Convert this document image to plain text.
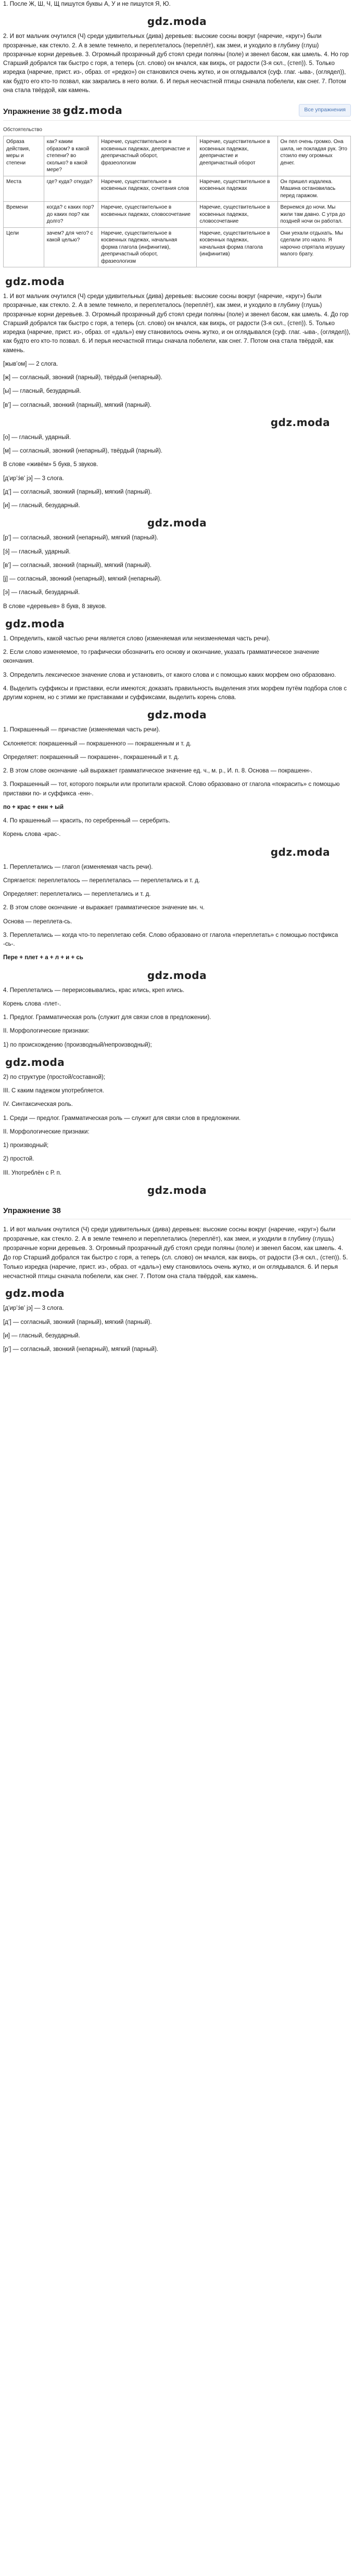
1. После Ж, Ш, Ч, Щ пишутся буквы А, У и не пишутся Я, Ю.

gdz.moda

2. И вот мальчик очутился (Ч) среди удивительных (дива) деревьев: высокие сосны вокруг (наречие, «круг») были прозрачные, как стекло. 2. А в земле темнело, и переплеталось (переплёт), как змеи, и уходило в глубину (глуш) прозрачные корни деревьев. 3. Огромный прозрачный дуб стоял среди поляны (поле) и звенел басом, как шмель. 4. Но гор Старший добрался так быстро с горя, а теперь (сл. слово) он мчался, как вихрь, от радости (3-я скл., (степ)). 5. Только изредка (наречие, прист. из-, образ. от «редко») он становился очень жутко, и он оглядывался (суф. глаг. -ыва-, (оглядел)), как будто его кто-то позвал, как закрались в него волки. 6. И перья несчастной птицы сначала побелели, как снег. 7. Потом она стала твёрдой, как камень.

Упражнение 38 gdz.moda	Все упражнения
Обстоятельство
Образа действия, меры и степени	как? каким образом? в какой степени? во сколько? в какой мере?	Наречие, существительное в косвенных падежах, деепричастие и деепричастный оборот, фразеологизм	Наречие, существительное в косвенных падежах, деепричастие и деепричастный оборот	Он пел очень громко. Она шила, не покладая рук. Это стоило ему огромных денег.
Места	где? куда? откуда?	Наречие, существительное в косвенных падежах, сочетания слов	Наречие, существительное в косвенных падежах	Он пришел издалека. Машина остановилась перед гаражом.
Времени	когда? с каких пор? до каких пор? как долго?	Наречие, существительное в косвенных падежах, словосочетание	Наречие, существительное в косвенных падежах, словосочетание	Вернемся до ночи. Мы жили там давно. С утра до поздней ночи он работал.
Цели	зачем? для чего? с какой целью?	Наречие, существительное в косвенных падежах, начальная форма глагола (инфинитив), деепричастный оборот, фразеологизм	Наречие, существительное в косвенных падежах, начальная форма глагола (инфинитив)	Они уехали отдыхать. Мы сделали это назло. Я нарочно спрятала игрушку малого брату.
gdz.moda

1. И вот мальчик очутился (Ч) среди удивительных (дива) деревьев: высокие сосны вокруг (наречие, «круг») были прозрачные, как стекло. 2. А в земле темнело, и переплеталось (переплёт), как змеи, и уходило в глубину (глушь) прозрачные корни деревьев. 3. Огромный прозрачный дуб стоял среди поляны (поле) и звенел басом, как шмель. 4. До гор Старший добрался так быстро с горя, а теперь (сл. слово) он мчался, как вихрь, от радости (3-я скл., (степ)). 5. Только изредка (наречие, прист. из-, образ. от «даль») ему становилось очень жутко, и он оглядывался (суф. глаг. -ыва-, (оглядел)), как будто его кто-то позвал. 6. И перья несчастной птицы сначала побелели, как снег. 7. Потом она стала твёрдой, как камень.

[жыв’ом] — 2 слога.

[ж] — согласный, звонкий (парный), твёрдый (непарный).

[ы] — гласный, безударный.

[в’] — согласный, звонкий (парный), мягкий (парный).

gdz.moda

[о] — гласный, ударный.

[м] — согласный, звонкий (непарный), твёрдый (парный).

В слове «живём» 5 букв, 5 звуков.

[д’ир’э́в’ jэ] — 3 слога.

[д’] — согласный, звонкий (парный), мягкий (парный).

[и] — гласный, безударный.

gdz.moda

[р’] — согласный, звонкий (непарный), мягкий (парный).

[э́] — гласный, ударный.

[в’] — согласный, звонкий (парный), мягкий (парный).

[j] — согласный, звонкий (непарный), мягкий (непарный).

[э] — гласный, безударный.

В слове «деревьев» 8 букв, 8 звуков.

gdz.moda

1. Определить, какой частью речи является слово (изменяемая или неизменяемая часть речи).

2. Если слово изменяемое, то графически обозначить его основу и окончание, указать грамматическое значение окончания.

3. Определить лексическое значение слова и установить, от какого слова и с помощью каких морфем оно образовано.

4. Выделить суффиксы и приставки, если имеются; доказать правильность выделения этих морфем путём подбора слов с другим корнем, но с этими же приставками и суффиксами, выделить корень слова.

gdz.moda

1. Покрашенный — причастие (изменяемая часть речи).

Склоняется: покрашенный — покрашенного — покрашенным и т. д.

Определяет: покрашенный — покрашенн-, покрашенный и т. д.

2. В этом слове окончание -ый выражает грамматическое значение ед. ч., м. р., И. п. 8. Основа — покрашенн-.

3. Покрашенный — тот, которого покрыли или пропитали краской. Слово образовано от глагола «покрасить» с помощью приставки по- и суффикса -енн-.

по + крас + енн + ый

4. По крашенный — красить, по серебренный — серебрить.

Корень слова -крас-.

gdz.moda

1. Переплетались — глагол (изменяемая часть речи).

Спрягается: переплеталось — переплеталась — переплетались и т. д.

Определяет: переплетались — переплетались и т. д.

2. В этом слове окончание -и выражает грамматическое значение мн. ч.

Основа — переплета-сь.

3. Переплетались — когда что-то переплетаю себя. Слово образовано от глагола «переплетать» с помощью постфикса -сь-.

Перe + плет + а + л + и + сь

gdz.moda

4. Перeплетались — перерисовывались, крас ились, креп ились.

Корень слова -плет-.

1. Предлог. Грамматическая роль (служит для связи слов в предложении).

II. Морфологические признаки:

1) по происхождению (производный/непроизводный);

gdz.moda

2) по структуре (простой/составной);

III. С каким падежом употребляется.

IV. Синтаксическая роль.

1. Среди — предлог. Грамматическая роль — служит для связи слов в предложении.

II. Морфологические признаки:

1) производный;

2) простой.

III. Употреблён с Р. п.

gdz.moda
Упражнение 38

1. И вот мальчик очутился (Ч) среди удивительных (дива) деревьев: высокие сосны вокруг (наречие, «круг») были прозрачные, как стекло. 2. А в земле темнело и переплетались (переплёт), как змеи, и уходили в глубину (глушь) прозрачные корни деревьев. 3. Огромный прозрачный дуб стоял среди поляны (поле) и звенел басом, как шмель. 4. До гор Старший добрался так быстро с горя, а теперь (сл. слово) он мчался, как вихрь, от радости (3-я скл., (степ)). 5. Только изредка (наречие, прист. из-, образ. от «даль») ему становилось очень жутко, и он оглядывался. 6. И перья несчастной птицы сначала побелели, как снег. 7. Потом она стала твёрдой, как камень.

gdz.moda

[д’ир’э́в’ jэ] — 3 слога.

[д’] — согласный, звонкий (парный), мягкий (парный).

[и] — гласный, безударный.

[р’] — согласный, звонкий (непарный), мягкий (парный).
